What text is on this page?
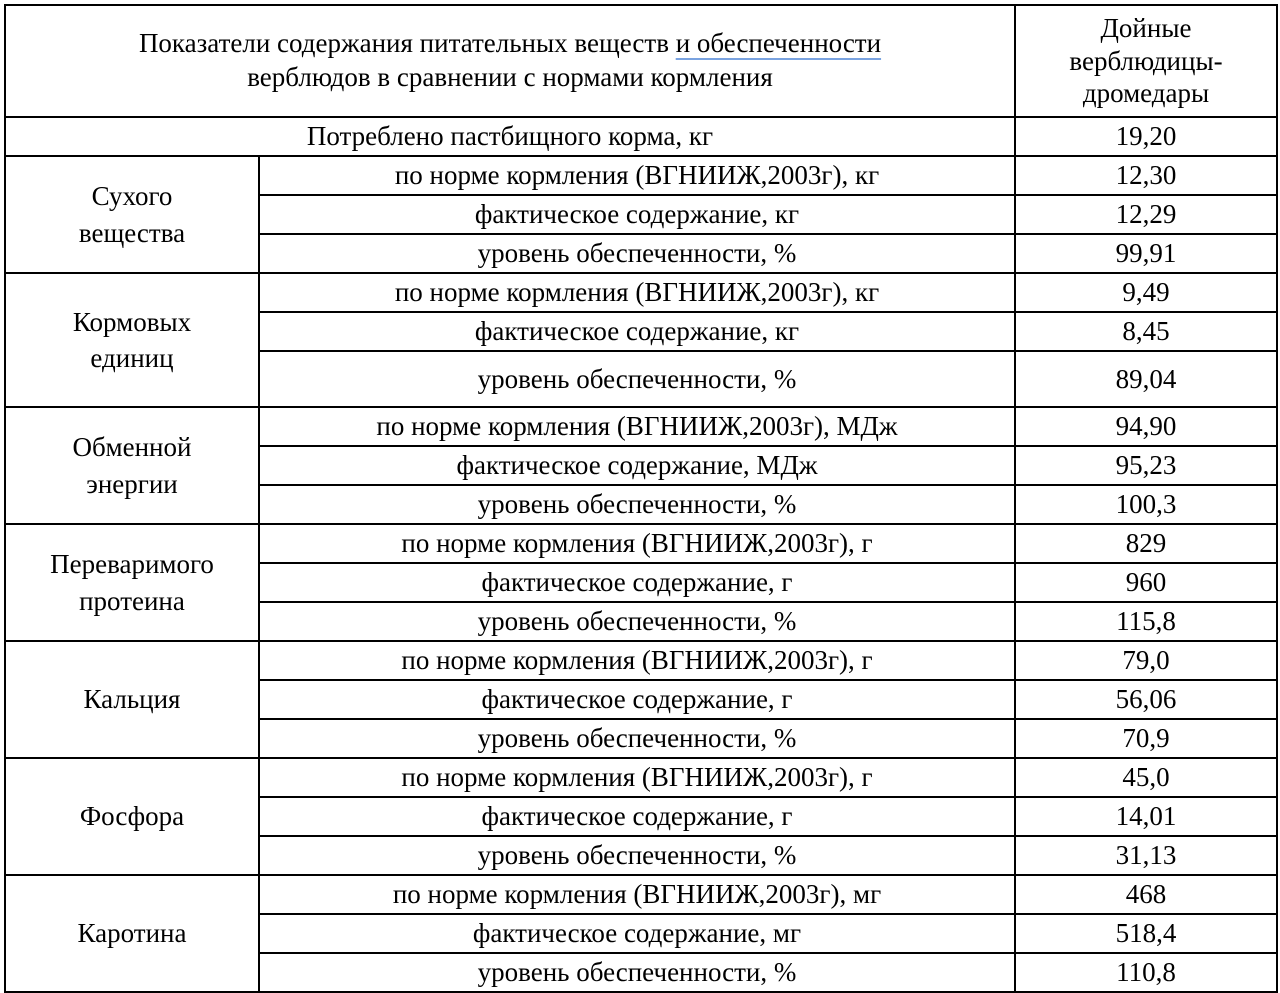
Показатели содержания питательных веществ и обеспеченности
верблюдов в сравнении с нормами кормления		Дойные
верблюдицы-
дромедары

Потреблено пастбищного корма, кг		19,20

Сухого
вещества	по норме кормления (ВГНИИЖ,2003г), кг	12,30
	фактическое содержание, кг	12,29
	уровень обеспеченности, %	99,91

Кормовых
единиц	по норме кормления (ВГНИИЖ,2003г), кг	9,49
	фактическое содержание, кг	8,45
	уровень обеспеченности, %	89,04

Обменной
энергии	по норме кормления (ВГНИИЖ,2003г), МДж	94,90
	фактическое содержание, МДж	95,23
	уровень обеспеченности, %	100,3

Переваримого
протеина	по норме кормления (ВГНИИЖ,2003г), г	829
	фактическое содержание, г	960
	уровень обеспеченности, %	115,8

Кальция	по норме кормления (ВГНИИЖ,2003г), г	79,0
	фактическое содержание, г	56,06
	уровень обеспеченности, %	70,9

Фосфора	по норме кормления (ВГНИИЖ,2003г), г	45,0
	фактическое содержание, г	14,01
	уровень обеспеченности, %	31,13

Каротина	по норме кормления (ВГНИИЖ,2003г), мг	468
	фактическое содержание, мг	518,4
	уровень обеспеченности, %	110,8
